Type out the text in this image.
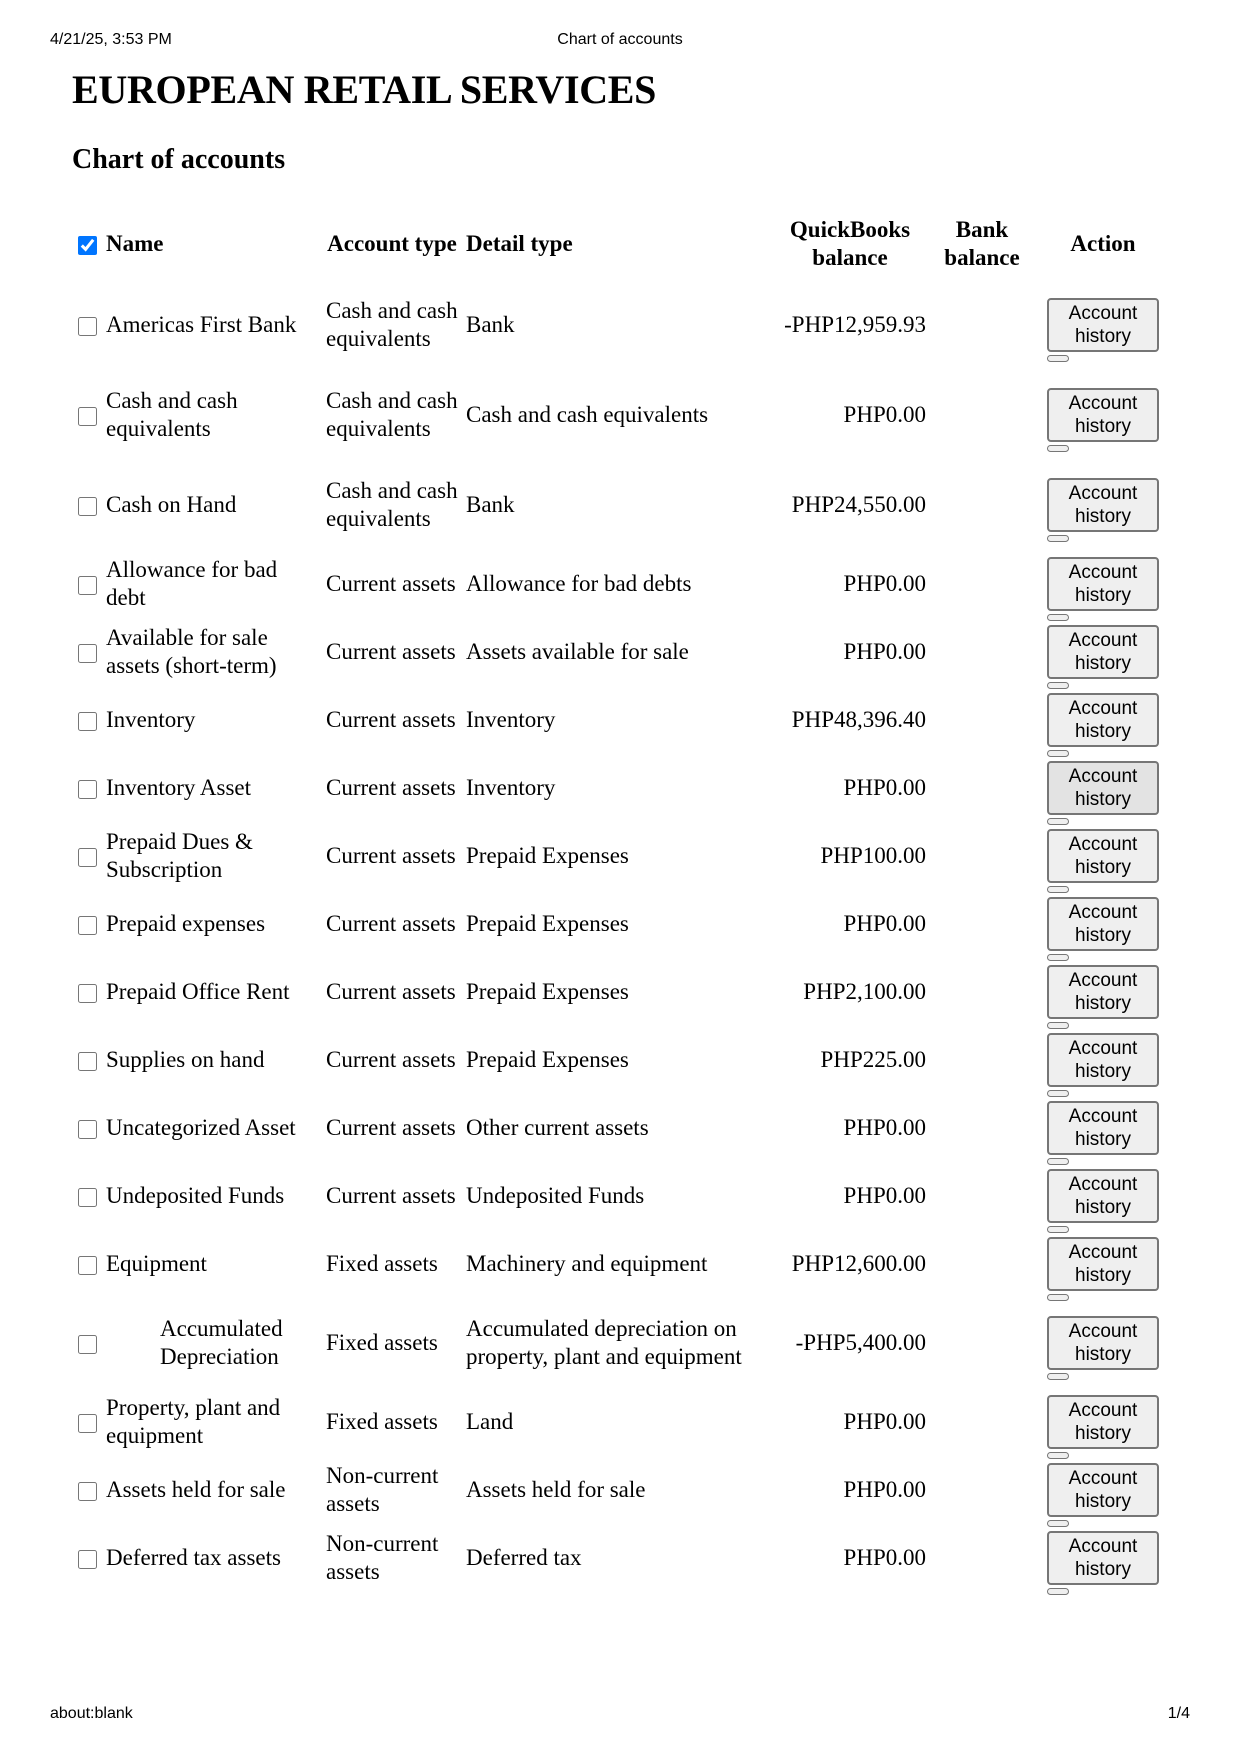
4/21/25, 3:53 PM	Chart of accounts
EUROPEAN RETAIL SERVICES
Chart of accounts
	Name	Account type	Detail type	QuickBooks balance	Bank balance	Action
	Americas First Bank	Cash and cash equivalents	Bank	-PHP12,959.93		Account history

	Cash and cash equivalents	Cash and cash equivalents	Cash and cash equivalents	PHP0.00		Account history

	Cash on Hand	Cash and cash equivalents	Bank	PHP24,550.00		Account history

	Allowance for bad debt	Current assets	Allowance for bad debts	PHP0.00		Account history

	Available for sale assets (short-term)	Current assets	Assets available for sale	PHP0.00		Account history

	Inventory	Current assets	Inventory	PHP48,396.40		Account history

	Inventory Asset	Current assets	Inventory	PHP0.00		Account history

	Prepaid Dues & Subscription	Current assets	Prepaid Expenses	PHP100.00		Account history

	Prepaid expenses	Current assets	Prepaid Expenses	PHP0.00		Account history

	Prepaid Office Rent	Current assets	Prepaid Expenses	PHP2,100.00		Account history

	Supplies on hand	Current assets	Prepaid Expenses	PHP225.00		Account history

	Uncategorized Asset	Current assets	Other current assets	PHP0.00		Account history

	Undeposited Funds	Current assets	Undeposited Funds	PHP0.00		Account history

	Equipment	Fixed assets	Machinery and equipment	PHP12,600.00		Account history

	Accumulated Depreciation	Fixed assets	Accumulated depreciation on property, plant and equipment	-PHP5,400.00		Account history

	Property, plant and equipment	Fixed assets	Land	PHP0.00		Account history

	Assets held for sale	Non-current assets	Assets held for sale	PHP0.00		Account history

	Deferred tax assets	Non-current assets	Deferred tax	PHP0.00		Account history
about:blank	1/4
